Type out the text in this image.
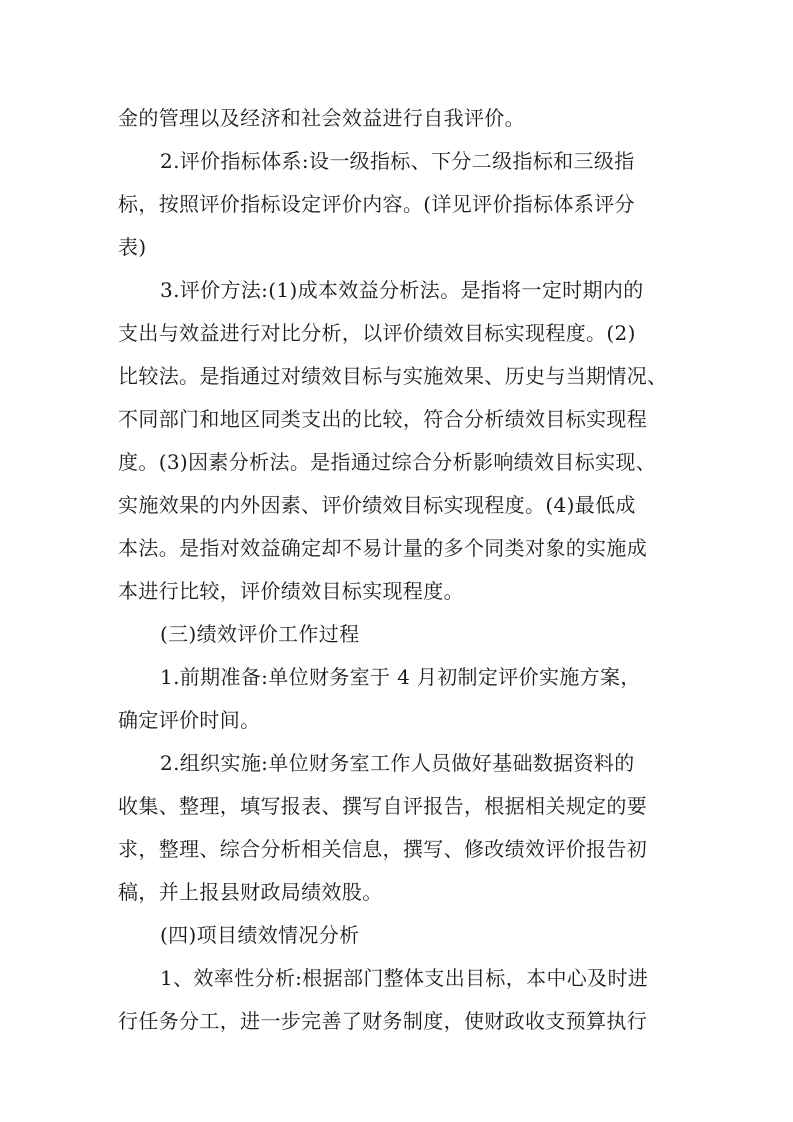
金的管理以及经济和社会效益进行自我评价。
2.评价指标体系:设一级指标、下分二级指标和三级指
标，按照评价指标设定评价内容。(详见评价指标体系评分
表)
3.评价方法:(1)成本效益分析法。是指将一定时期内的
支出与效益进行对比分析，以评价绩效目标实现程度。(2)
比较法。是指通过对绩效目标与实施效果、历史与当期情况、
不同部门和地区同类支出的比较，符合分析绩效目标实现程
度。(3)因素分析法。是指通过综合分析影响绩效目标实现、
实施效果的内外因素、评价绩效目标实现程度。(4)最低成
本法。是指对效益确定却不易计量的多个同类对象的实施成
本进行比较，评价绩效目标实现程度。
(三)绩效评价工作过程
1.前期准备:单位财务室于 4 月初制定评价实施方案，
确定评价时间。
2.组织实施:单位财务室工作人员做好基础数据资料的
收集、整理，填写报表、撰写自评报告，根据相关规定的要
求，整理、综合分析相关信息，撰写、修改绩效评价报告初
稿，并上报县财政局绩效股。
(四)项目绩效情况分析
1、效率性分析:根据部门整体支出目标，本中心及时进
行任务分工，进一步完善了财务制度，使财政收支预算执行
